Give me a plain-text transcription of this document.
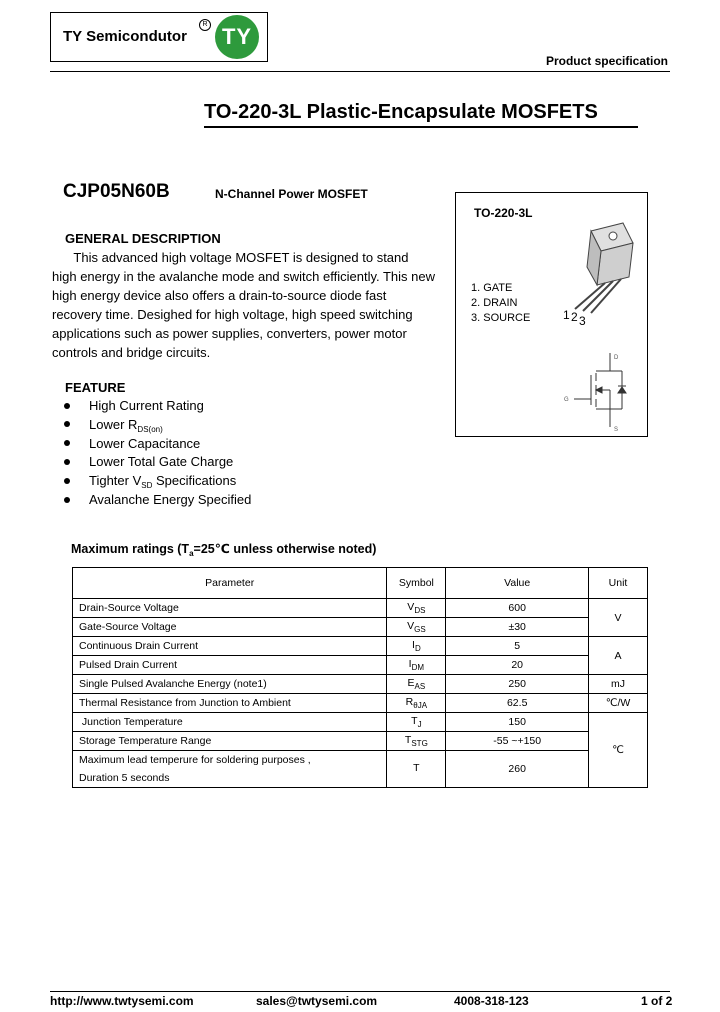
TY Semicondutor
R TY
Product specification
TO-220-3L Plastic-Encapsulate MOSFETS
CJP05N60B	N-Channel Power MOSFET
GENERAL DESCRIPTION
This advanced high voltage MOSFET is designed to stand
high energy in the avalanche mode and switch efficiently. This new
high energy device also offers a drain-to-source diode fast
recovery time. Desighed for high voltage, high speed switching
applications such as power supplies, converters, power motor
controls and bridge circuits.
FEATURE
High Current Rating
Lower $R_{DS(on)}$
Lower Capacitance
Lower Total Gate Charge
Tighter $V_{SD}$ Specifications
Avalanche Energy Specified
TO-220-3L
1 2 3
1. GATE
2. DRAIN
3. SOURCE
D
G
S
Maximum ratings ($T_a=25℃$ unless otherwise noted)
Parameter	Symbol	Value	Unit
Drain-Source Voltage	$V_{DS}$	600	V
Gate-Source Voltage	$V_{GS}$	±30	
Continuous Drain Current	$I_D$	5	A
Pulsed Drain Current	$I_{DM}$	20	
Single Pulsed Avalanche Energy (note1)	$E_{AS}$	250	mJ
Thermal Resistance from Junction to Ambient	$R_{\theta JA}$	62.5	℃/W
Junction Temperature	$T_J$	150	℃
Storage Temperature Range	$T_{STG}$	-55 ~+150	
Maximum lead temperure for soldering purposes ,
Duration 5 seconds	T	260	
http://www.twtysemi.com	sales@twtysemi.com	4008-318-123	1 of 2
